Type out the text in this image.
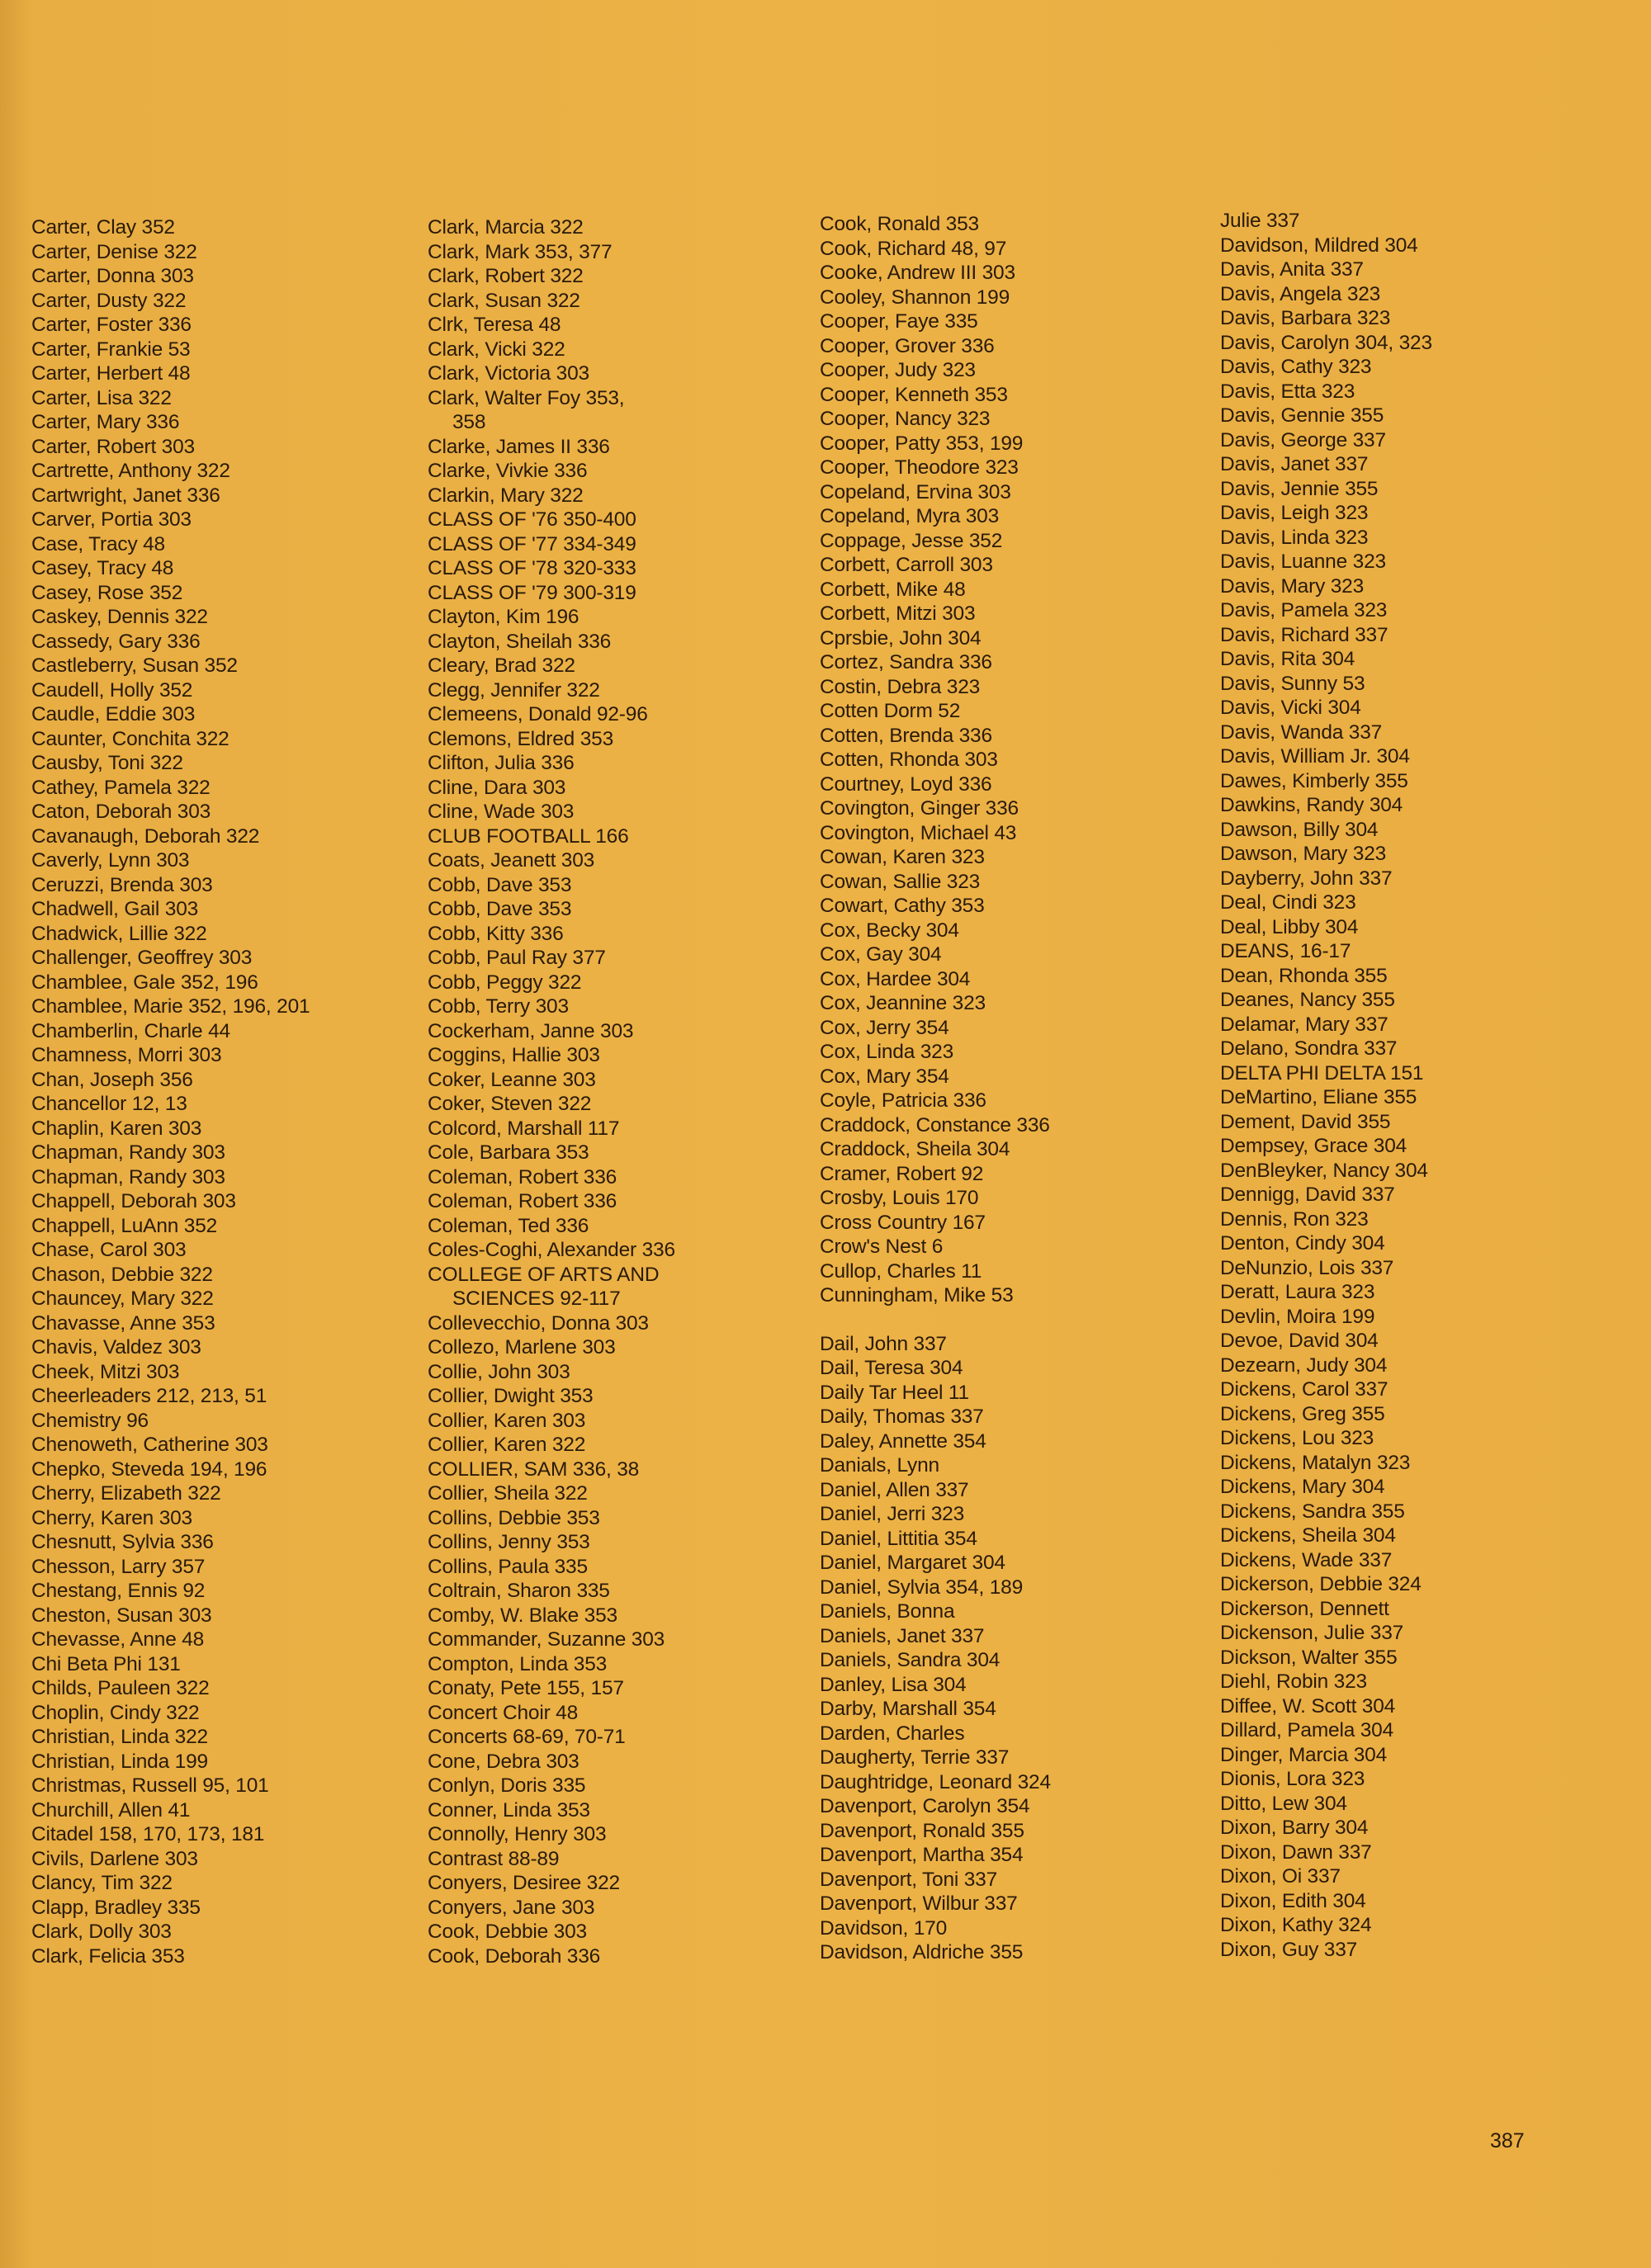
Carter, Clay 352
Carter, Denise 322
Carter, Donna 303
Carter, Dusty 322
Carter, Foster 336
Carter, Frankie 53
Carter, Herbert 48
Carter, Lisa 322
Carter, Mary 336
Carter, Robert 303
Cartrette, Anthony 322
Cartwright, Janet 336
Carver, Portia 303
Case, Tracy 48
Casey, Tracy 48
Casey, Rose 352
Caskey, Dennis 322
Cassedy, Gary 336
Castleberry, Susan 352
Caudell, Holly 352
Caudle, Eddie 303
Caunter, Conchita 322
Causby, Toni 322
Cathey, Pamela 322
Caton, Deborah 303
Cavanaugh, Deborah 322
Caverly, Lynn 303
Ceruzzi, Brenda 303
Chadwell, Gail 303
Chadwick, Lillie 322
Challenger, Geoffrey 303
Chamblee, Gale 352, 196
Chamblee, Marie 352, 196, 201
Chamberlin, Charle 44
Chamness, Morri 303
Chan, Joseph 356
Chancellor 12, 13
Chaplin, Karen 303
Chapman, Randy 303
Chapman, Randy 303
Chappell, Deborah 303
Chappell, LuAnn 352
Chase, Carol 303
Chason, Debbie 322
Chauncey, Mary 322
Chavasse, Anne 353
Chavis, Valdez 303
Cheek, Mitzi 303
Cheerleaders 212, 213, 51
Chemistry 96
Chenoweth, Catherine 303
Chepko, Steveda 194, 196
Cherry, Elizabeth 322
Cherry, Karen 303
Chesnutt, Sylvia 336
Chesson, Larry 357
Chestang, Ennis 92
Cheston, Susan 303
Chevasse, Anne 48
Chi Beta Phi 131
Childs, Pauleen 322
Choplin, Cindy 322
Christian, Linda 322
Christian, Linda 199
Christmas, Russell 95, 101
Churchill, Allen 41
Citadel 158, 170, 173, 181
Civils, Darlene 303
Clancy, Tim 322
Clapp, Bradley 335
Clark, Dolly 303
Clark, Felicia 353
Clark, Marcia 322
Clark, Mark 353, 377
Clark, Robert 322
Clark, Susan 322
Clrk, Teresa 48
Clark, Vicki 322
Clark, Victoria 303
Clark, Walter Foy 353,
358
Clarke, James II 336
Clarke, Vivkie 336
Clarkin, Mary 322
CLASS OF '76 350-400
CLASS OF '77 334-349
CLASS OF '78 320-333
CLASS OF '79 300-319
Clayton, Kim 196
Clayton, Sheilah 336
Cleary, Brad 322
Clegg, Jennifer 322
Clemeens, Donald 92-96
Clemons, Eldred 353
Clifton, Julia 336
Cline, Dara 303
Cline, Wade 303
CLUB FOOTBALL 166
Coats, Jeanett 303
Cobb, Dave 353
Cobb, Dave 353
Cobb, Kitty 336
Cobb, Paul Ray 377
Cobb, Peggy 322
Cobb, Terry 303
Cockerham, Janne 303
Coggins, Hallie 303
Coker, Leanne 303
Coker, Steven 322
Colcord, Marshall 117
Cole, Barbara 353
Coleman, Robert 336
Coleman, Robert 336
Coleman, Ted 336
Coles-Coghi, Alexander 336
COLLEGE OF ARTS AND
SCIENCES 92-117
Collevecchio, Donna 303
Collezo, Marlene 303
Collie, John 303
Collier, Dwight 353
Collier, Karen 303
Collier, Karen 322
COLLIER, SAM 336, 38
Collier, Sheila 322
Collins, Debbie 353
Collins, Jenny 353
Collins, Paula 335
Coltrain, Sharon 335
Comby, W. Blake 353
Commander, Suzanne 303
Compton, Linda 353
Conaty, Pete 155, 157
Concert Choir 48
Concerts 68-69, 70-71
Cone, Debra 303
Conlyn, Doris 335
Conner, Linda 353
Connolly, Henry 303
Contrast 88-89
Conyers, Desiree 322
Conyers, Jane 303
Cook, Debbie 303
Cook, Deborah 336
Cook, Ronald 353
Cook, Richard 48, 97
Cooke, Andrew III 303
Cooley, Shannon 199
Cooper, Faye 335
Cooper, Grover 336
Cooper, Judy 323
Cooper, Kenneth 353
Cooper, Nancy 323
Cooper, Patty 353, 199
Cooper, Theodore 323
Copeland, Ervina 303
Copeland, Myra 303
Coppage, Jesse 352
Corbett, Carroll 303
Corbett, Mike 48
Corbett, Mitzi 303
Cprsbie, John 304
Cortez, Sandra 336
Costin, Debra 323
Cotten Dorm 52
Cotten, Brenda 336
Cotten, Rhonda 303
Courtney, Loyd 336
Covington, Ginger 336
Covington, Michael 43
Cowan, Karen 323
Cowan, Sallie 323
Cowart, Cathy 353
Cox, Becky 304
Cox, Gay 304
Cox, Hardee 304
Cox, Jeannine 323
Cox, Jerry 354
Cox, Linda 323
Cox, Mary 354
Coyle, Patricia 336
Craddock, Constance 336
Craddock, Sheila 304
Cramer, Robert 92
Crosby, Louis 170
Cross Country 167
Crow's Nest 6
Cullop, Charles 11
Cunningham, Mike 53
Dail, John 337
Dail, Teresa 304
Daily Tar Heel 11
Daily, Thomas 337
Daley, Annette 354
Danials, Lynn
Daniel, Allen 337
Daniel, Jerri 323
Daniel, Littitia 354
Daniel, Margaret 304
Daniel, Sylvia 354, 189
Daniels, Bonna
Daniels, Janet 337
Daniels, Sandra 304
Danley, Lisa 304
Darby, Marshall 354
Darden, Charles
Daugherty, Terrie 337
Daughtridge, Leonard 324
Davenport, Carolyn 354
Davenport, Ronald 355
Davenport, Martha 354
Davenport, Toni 337
Davenport, Wilbur 337
Davidson, 170
Davidson, Aldriche 355
Julie 337
Davidson, Mildred 304
Davis, Anita 337
Davis, Angela 323
Davis, Barbara 323
Davis, Carolyn 304, 323
Davis, Cathy 323
Davis, Etta 323
Davis, Gennie 355
Davis, George 337
Davis, Janet 337
Davis, Jennie 355
Davis, Leigh 323
Davis, Linda 323
Davis, Luanne 323
Davis, Mary 323
Davis, Pamela 323
Davis, Richard 337
Davis, Rita 304
Davis, Sunny 53
Davis, Vicki 304
Davis, Wanda 337
Davis, William Jr. 304
Dawes, Kimberly 355
Dawkins, Randy 304
Dawson, Billy 304
Dawson, Mary 323
Dayberry, John 337
Deal, Cindi 323
Deal, Libby 304
DEANS, 16-17
Dean, Rhonda 355
Deanes, Nancy 355
Delamar, Mary 337
Delano, Sondra 337
DELTA PHI DELTA 151
DeMartino, Eliane 355
Dement, David 355
Dempsey, Grace 304
DenBleyker, Nancy 304
Dennigg, David 337
Dennis, Ron 323
Denton, Cindy 304
DeNunzio, Lois 337
Deratt, Laura 323
Devlin, Moira 199
Devoe, David 304
Dezearn, Judy 304
Dickens, Carol 337
Dickens, Greg 355
Dickens, Lou 323
Dickens, Matalyn 323
Dickens, Mary 304
Dickens, Sandra 355
Dickens, Sheila 304
Dickens, Wade 337
Dickerson, Debbie 324
Dickerson, Dennett
Dickenson, Julie 337
Dickson, Walter 355
Diehl, Robin 323
Diffee, W. Scott 304
Dillard, Pamela 304
Dinger, Marcia 304
Dionis, Lora 323
Ditto, Lew 304
Dixon, Barry 304
Dixon, Dawn 337
Dixon, Oi 337
Dixon, Edith 304
Dixon, Kathy 324
Dixon, Guy 337
387
